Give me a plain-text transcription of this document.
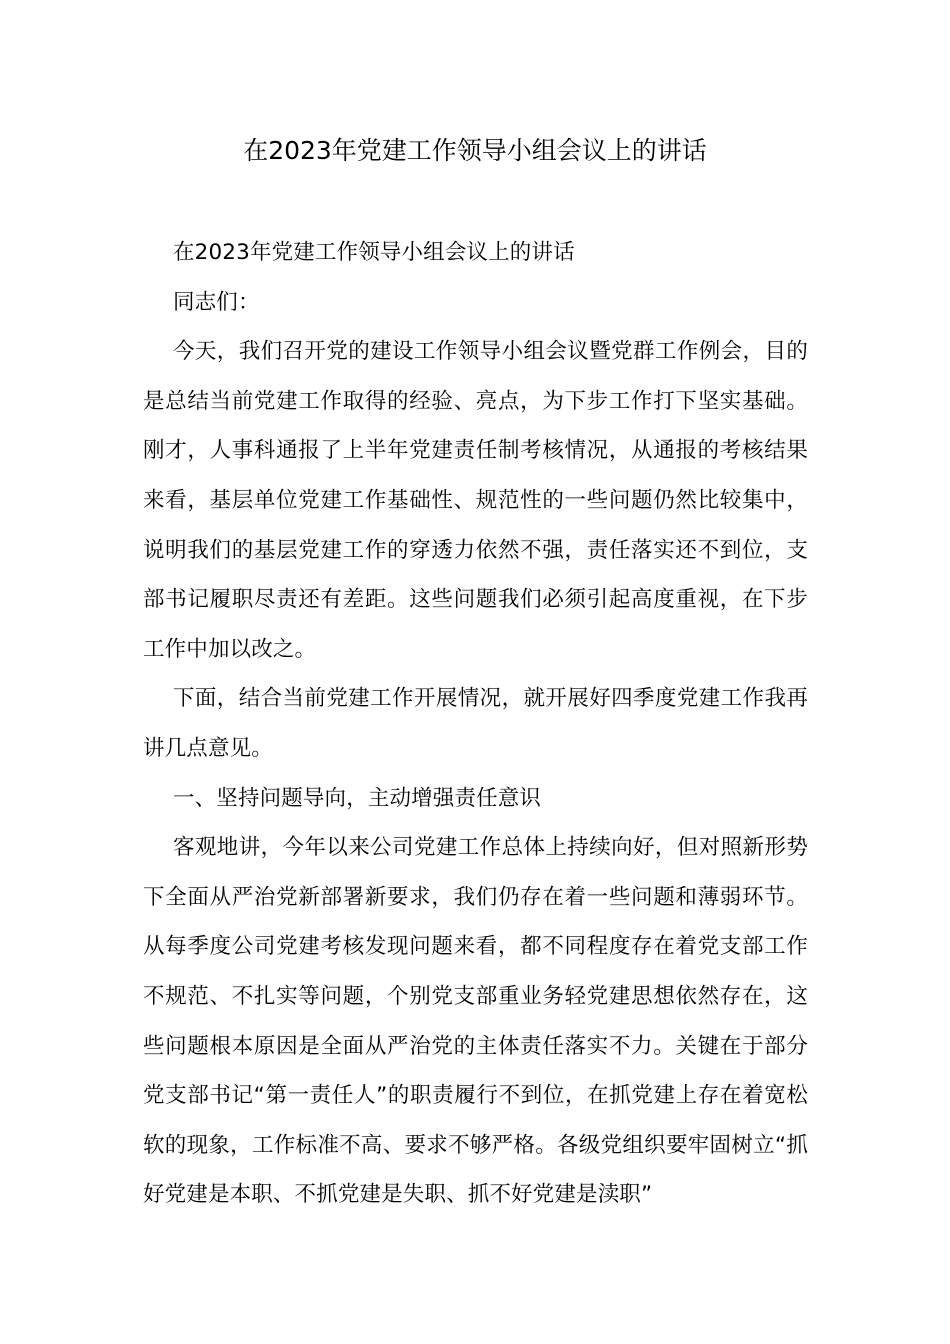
在2023年党建工作领导小组会议上的讲话

在2023年党建工作领导小组会议上的讲话

同志们：

今天，我们召开党的建设工作领导小组会议暨党群工作例会，目的是总结当前党建工作取得的经验、亮点，为下步工作打下坚实基础。刚才，人事科通报了上半年党建责任制考核情况，从通报的考核结果来看，基层单位党建工作基础性、规范性的一些问题仍然比较集中，说明我们的基层党建工作的穿透力依然不强，责任落实还不到位，支部书记履职尽责还有差距。这些问题我们必须引起高度重视，在下步工作中加以改之。

下面，结合当前党建工作开展情况，就开展好四季度党建工作我再讲几点意见。

一、坚持问题导向，主动增强责任意识

客观地讲，今年以来公司党建工作总体上持续向好，但对照新形势下全面从严治党新部署新要求，我们仍存在着一些问题和薄弱环节。从每季度公司党建考核发现问题来看，都不同程度存在着党支部工作不规范、不扎实等问题，个别党支部重业务轻党建思想依然存在，这些问题根本原因是全面从严治党的主体责任落实不力。关键在于部分党支部书记“第一责任人”的职责履行不到位，在抓党建上存在着宽松软的现象，工作标准不高、要求不够严格。各级党组织要牢固树立“抓好党建是本职、不抓党建是失职、抓不好党建是渎职”
